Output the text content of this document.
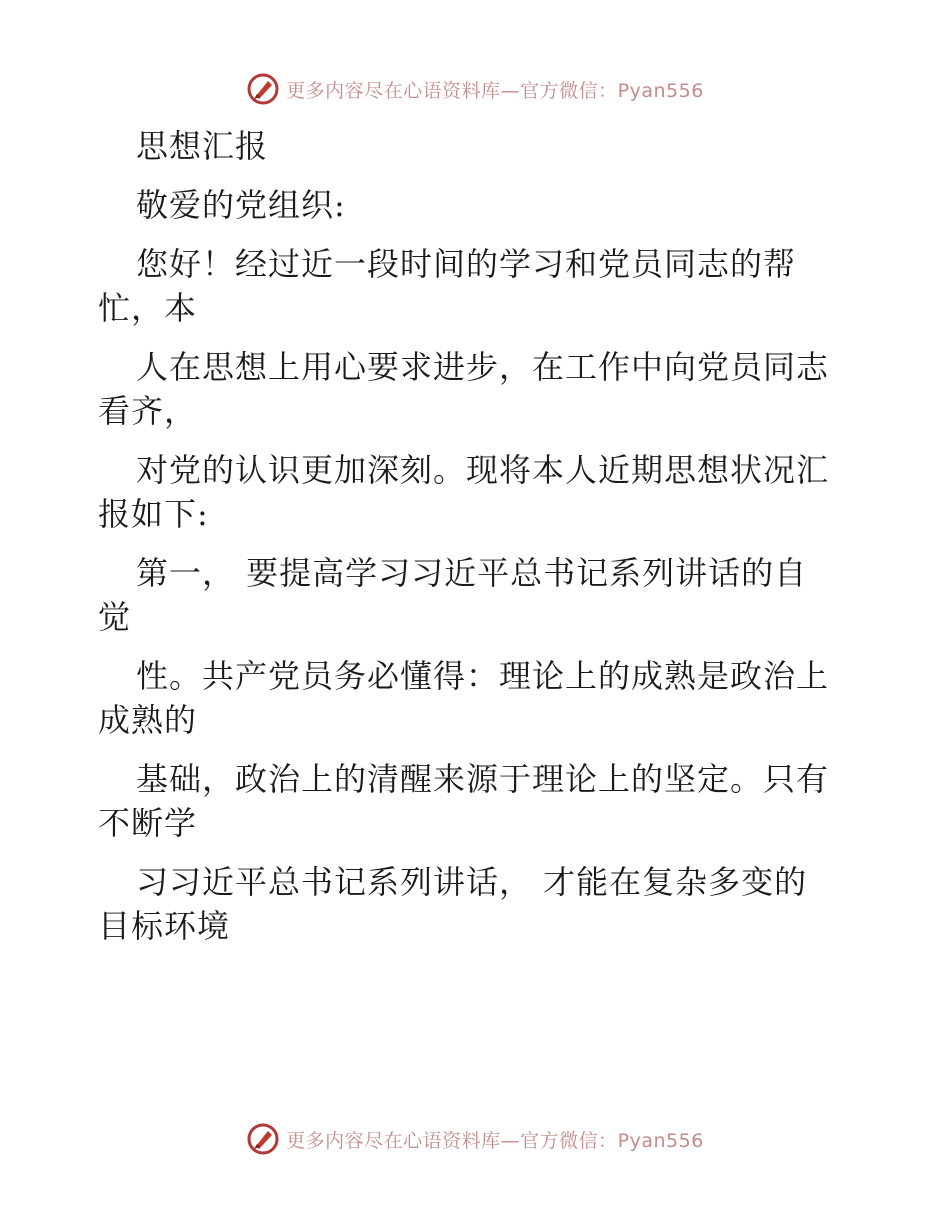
更多内容尽在心语资料库—官方微信：Pyan556
思想汇报
敬爱的党组织:
您好！经过近一段时间的学习和党员同志的帮
忙，本
人在思想上用心要求进步，在工作中向党员同志
看齐，
对党的认识更加深刻。现将本人近期思想状况汇
报如下:
第一， 要提高学习习近平总书记系列讲话的自
觉
性。共产党员务必懂得：理论上的成熟是政治上
成熟的
基础，政治上的清醒来源于理论上的坚定。只有
不断学
习习近平总书记系列讲话， 才能在复杂多变的
目标环境
更多内容尽在心语资料库—官方微信：Pyan556
